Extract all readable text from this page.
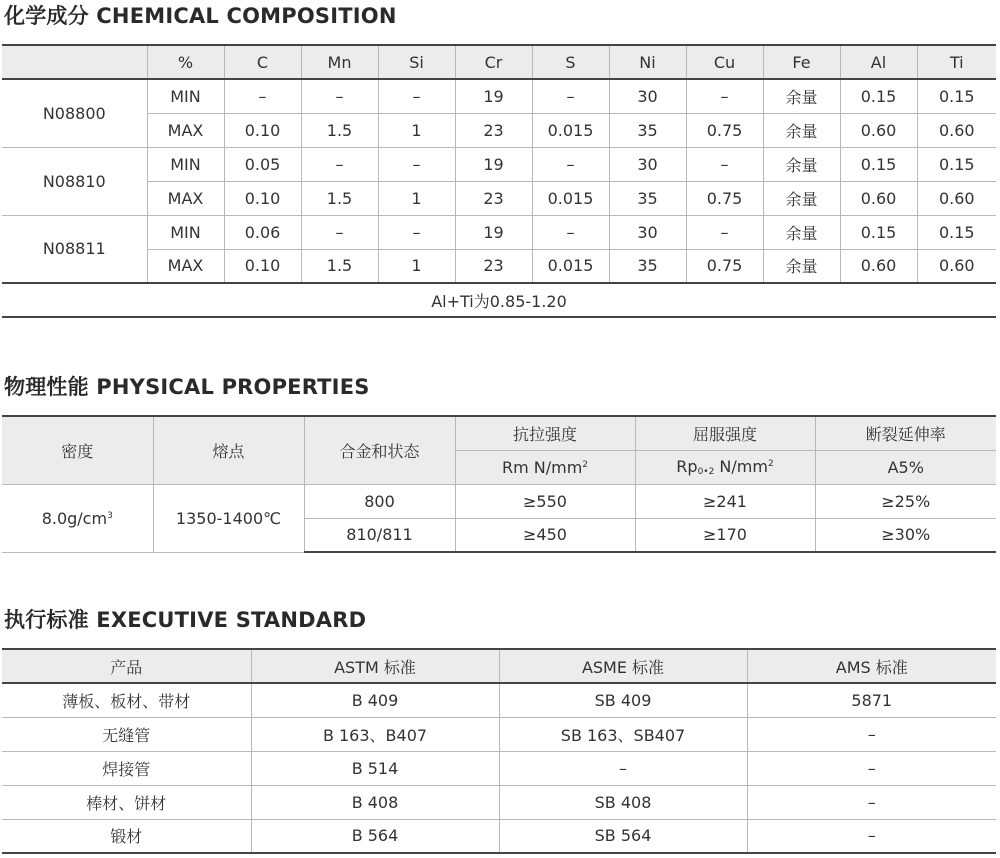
化学成分 CHEMICAL COMPOSITION
	%	C	Mn	Si	Cr	S	Ni	Cu	Fe	Al	Ti
N08800	MIN	–	–	–	19	–	30	–	余量	0.15	0.15
	MAX	0.10	1.5	1	23	0.015	35	0.75	余量	0.60	0.60
N08810	MIN	0.05	–	–	19	–	30	–	余量	0.15	0.15
	MAX	0.10	1.5	1	23	0.015	35	0.75	余量	0.60	0.60
N08811	MIN	0.06	–	–	19	–	30	–	余量	0.15	0.15
	MAX	0.10	1.5	1	23	0.015	35	0.75	余量	0.60	0.60
Al+Ti为0.85-1.20											
物理性能 PHYSICAL PROPERTIES
密度	熔点	合金和状态	抗拉强度	屈服强度	断裂延伸率
			Rm $N/mm^2$	$Rp_{0•2}$ $N/mm^2$	A5%
$8.0g/cm^3$	1350-1400℃	800	≥550	≥241	≥25%
		810/811	≥450	≥170	≥30%
执行标准 EXECUTIVE STANDARD
产品	ASTM 标准	ASME 标准	AMS 标准
薄板、板材、带材	B 409	SB 409	5871
无缝管	B 163、B407	SB 163、SB407	–
焊接管	B 514	–	–
棒材、饼材	B 408	SB 408	–
锻材	B 564	SB 564	–
